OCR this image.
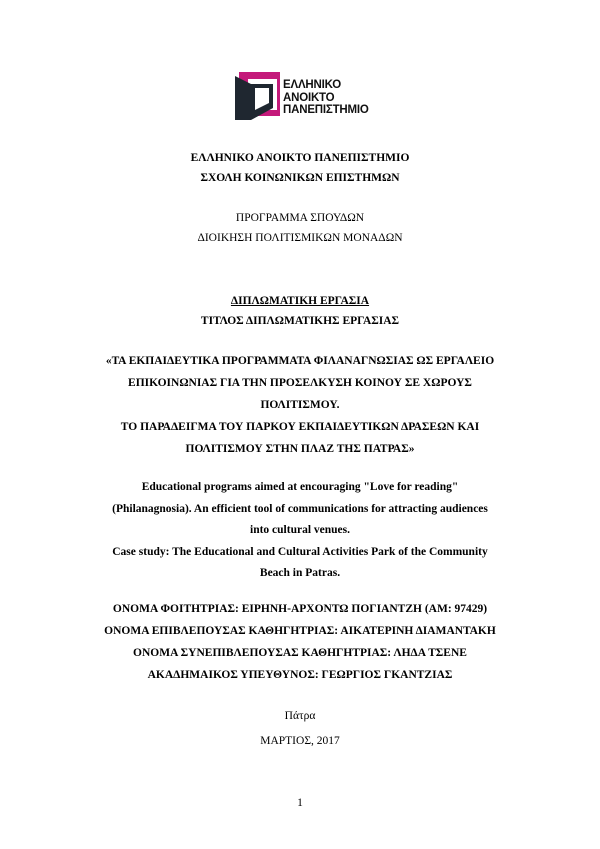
ΕΛΛΗΝΙΚΟ
ΑΝΟΙΚΤΟ
ΠΑΝΕΠΙΣΤΗΜΙΟ
ΕΛΛΗΝΙΚΟ ΑΝΟΙΚΤΟ ΠΑΝΕΠΙΣΤΗΜΙΟ
ΣΧΟΛΗ ΚΟΙΝΩΝΙΚΩΝ ΕΠΙΣΤΗΜΩΝ
ΠΡΟΓΡΑΜΜΑ ΣΠΟΥΔΩΝ
ΔΙΟΙΚΗΣΗ ΠΟΛΙΤΙΣΜΙΚΩΝ ΜΟΝΑΔΩΝ
ΔΙΠΛΩΜΑΤΙΚΗ ΕΡΓΑΣΙΑ
ΤΙΤΛΟΣ ΔΙΠΛΩΜΑΤΙΚΗΣ ΕΡΓΑΣΙΑΣ
«ΤΑ ΕΚΠΑΙΔΕΥΤΙΚΑ ΠΡΟΓΡΑΜΜΑΤΑ ΦΙΛΑΝΑΓΝΩΣΙΑΣ ΩΣ ΕΡΓΑΛΕΙΟ
ΕΠΙΚΟΙΝΩΝΙΑΣ ΓΙΑ ΤΗΝ ΠΡΟΣΕΛΚΥΣΗ ΚΟΙΝΟΥ ΣΕ ΧΩΡΟΥΣ
ΠΟΛΙΤΙΣΜΟΥ.
ΤΟ ΠΑΡΑΔΕΙΓΜΑ ΤΟΥ ΠΑΡΚΟΥ ΕΚΠΑΙΔΕΥΤΙΚΩΝ ΔΡΑΣΕΩΝ ΚΑΙ
ΠΟΛΙΤΙΣΜΟΥ ΣΤΗΝ ΠΛΑΖ ΤΗΣ ΠΑΤΡΑΣ»
Educational programs aimed at encouraging "Love for reading"
(Philanagnosia). An efficient tool of communications for attracting audiences
into cultural venues.
Case study: The Educational and Cultural Activities Park of the Community
Beach in Patras.
ΟΝΟΜΑ ΦΟΙΤΗΤΡΙΑΣ: ΕΙΡΗΝΗ-ΑΡΧΟΝΤΩ ΠΟΓΙΑΝΤΖΗ (ΑΜ: 97429)
ΟΝΟΜΑ ΕΠΙΒΛΕΠΟΥΣΑΣ ΚΑΘΗΓΗΤΡΙΑΣ: ΑΙΚΑΤΕΡΙΝΗ ΔΙΑΜΑΝΤΑΚΗ
ΟΝΟΜΑ ΣΥΝΕΠΙΒΛΕΠΟΥΣΑΣ ΚΑΘΗΓΗΤΡΙΑΣ: ΛΗΔΑ ΤΣΕΝΕ
ΑΚΑΔΗΜΑΙΚΟΣ ΥΠΕΥΘΥΝΟΣ: ΓΕΩΡΓΙΟΣ ΓΚΑΝΤΖΙΑΣ
Πάτρα
ΜΑΡΤΙΟΣ, 2017
1
